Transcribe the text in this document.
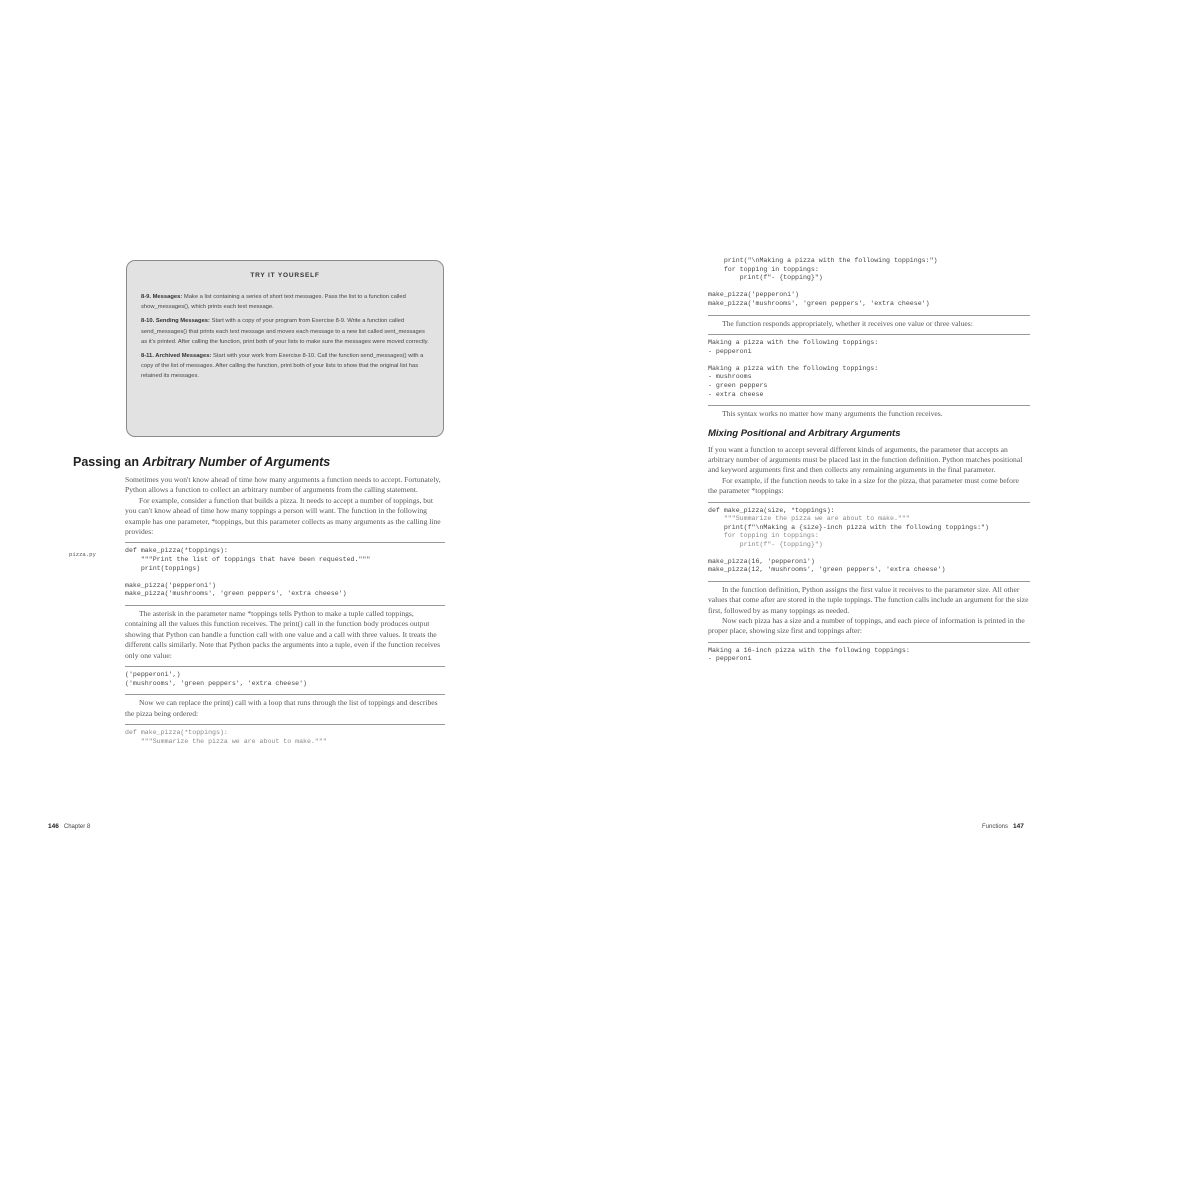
TRY IT YOURSELF
8-9. Messages: Make a list containing a series of short text messages. Pass the list to a function called show_messages(), which prints each text message.
8-10. Sending Messages: Start with a copy of your program from Exercise 8-9. Write a function called send_messages() that prints each text message and moves each message to a new list called sent_messages as it's printed. After calling the function, print both of your lists to make sure the messages were moved correctly.
8-11. Archived Messages: Start with your work from Exercise 8-10. Call the function send_messages() with a copy of the list of messages. After calling the function, print both of your lists to show that the original list has retained its messages.
Passing an Arbitrary Number of Arguments

Sometimes you won't know ahead of time how many arguments a function needs to accept. Fortunately, Python allows a function to collect an arbitrary number of arguments from the calling statement.

For example, consider a function that builds a pizza. It needs to accept a number of toppings, but you can't know ahead of time how many toppings a person will want. The function in the following example has one parameter, *toppings, but this parameter collects as many arguments as the calling line provides:

pizza.py
def make_pizza(*toppings):
"""Print the list of toppings that have been requested."""
print(toppings)

make_pizza('pepperoni')
make_pizza('mushrooms', 'green peppers', 'extra cheese')

The asterisk in the parameter name *toppings tells Python to make a tuple called toppings, containing all the values this function receives. The print() call in the function body produces output showing that Python can handle a function call with one value and a call with three values. It treats the different calls similarly. Note that Python packs the arguments into a tuple, even if the function receives only one value:

('pepperoni',)
('mushrooms', 'green peppers', 'extra cheese')

Now we can replace the print() call with a loop that runs through the list of toppings and describes the pizza being ordered:

def make_pizza(*toppings):
"""Summarize the pizza we are about to make."""
146 Chapter 8
print("\nMaking a pizza with the following toppings:")
for topping in toppings:
print(f"- {topping}")

make_pizza('pepperoni')
make_pizza('mushrooms', 'green peppers', 'extra cheese')

The function responds appropriately, whether it receives one value or three values:

Making a pizza with the following toppings:
- pepperoni

Making a pizza with the following toppings:
- mushrooms
- green peppers
- extra cheese

This syntax works no matter how many arguments the function receives.

Mixing Positional and Arbitrary Arguments

If you want a function to accept several different kinds of arguments, the parameter that accepts an arbitrary number of arguments must be placed last in the function definition. Python matches positional and keyword arguments first and then collects any remaining arguments in the final parameter.

For example, if the function needs to take in a size for the pizza, that parameter must come before the parameter *toppings:

def make_pizza(size, *toppings):
"""Summarize the pizza we are about to make."""
print(f"\nMaking a {size}-inch pizza with the following toppings:")
for topping in toppings:
print(f"- {topping}")
make_pizza(16, 'pepperoni')
make_pizza(12, 'mushrooms', 'green peppers', 'extra cheese')

In the function definition, Python assigns the first value it receives to the parameter size. All other values that come after are stored in the tuple toppings. The function calls include an argument for the size first, followed by as many toppings as needed.

Now each pizza has a size and a number of toppings, and each piece of information is printed in the proper place, showing size first and toppings after:

Making a 16-inch pizza with the following toppings:
- pepperoni
Functions 147
